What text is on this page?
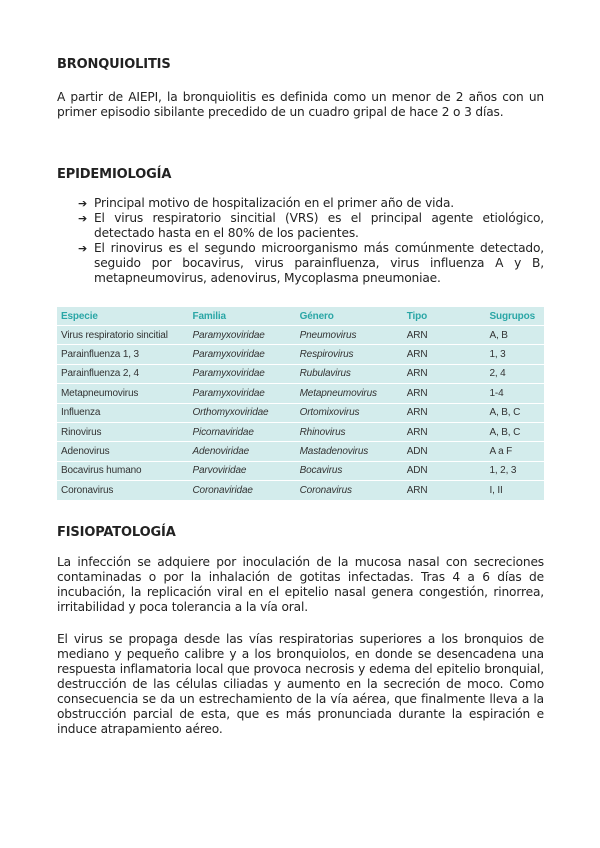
BRONQUIOLITIS

A partir de AIEPI, la bronquiolitis es definida como un menor de 2 años con un primer episodio sibilante precedido de un cuadro gripal de hace 2 o 3 días.

EPIDEMIOLOGÍA
➔ Principal motivo de hospitalización en el primer año de vida.
➔ El virus respiratorio sincitial (VRS) es el principal agente etiológico, detectado hasta en el 80% de los pacientes.
➔ El rinovirus es el segundo microorganismo más comúnmente detectado, seguido por bocavirus, virus parainfluenza, virus influenza A y B, metapneumovirus, adenovirus, Mycoplasma pneumoniae.
Especie	Familia	Género	Tipo	Sugrupos
Virus respiratorio sincitial	Paramyxoviridae	Pneumovirus	ARN	A, B
Parainfluenza 1, 3	Paramyxoviridae	Respirovirus	ARN	1, 3
Parainfluenza 2, 4	Paramyxoviridae	Rubulavirus	ARN	2, 4
Metapneumovirus	Paramyxoviridae	Metapneumovirus	ARN	1-4
Influenza	Orthomyxoviridae	Ortomixovirus	ARN	A, B, C
Rinovirus	Picornaviridae	Rhinovirus	ARN	A, B, C
Adenovirus	Adenoviridae	Mastadenovirus	ADN	A a F
Bocavirus humano	Parvoviridae	Bocavirus	ADN	1, 2, 3
Coronavirus	Coronaviridae	Coronavirus	ARN	I, II
FISIOPATOLOGÍA

La infección se adquiere por inoculación de la mucosa nasal con secreciones contaminadas o por la inhalación de gotitas infectadas. Tras 4 a 6 días de incubación, la replicación viral en el epitelio nasal genera congestión, rinorrea, irritabilidad y poca tolerancia a la vía oral.

El virus se propaga desde las vías respiratorias superiores a los bronquios de mediano y pequeño calibre y a los bronquiolos, en donde se desencadena una respuesta inflamatoria local que provoca necrosis y edema del epitelio bronquial, destrucción de las células ciliadas y aumento en la secreción de moco. Como consecuencia se da un estrechamiento de la vía aérea, que finalmente lleva a la obstrucción parcial de esta, que es más pronunciada durante la espiración e induce atrapamiento aéreo.
